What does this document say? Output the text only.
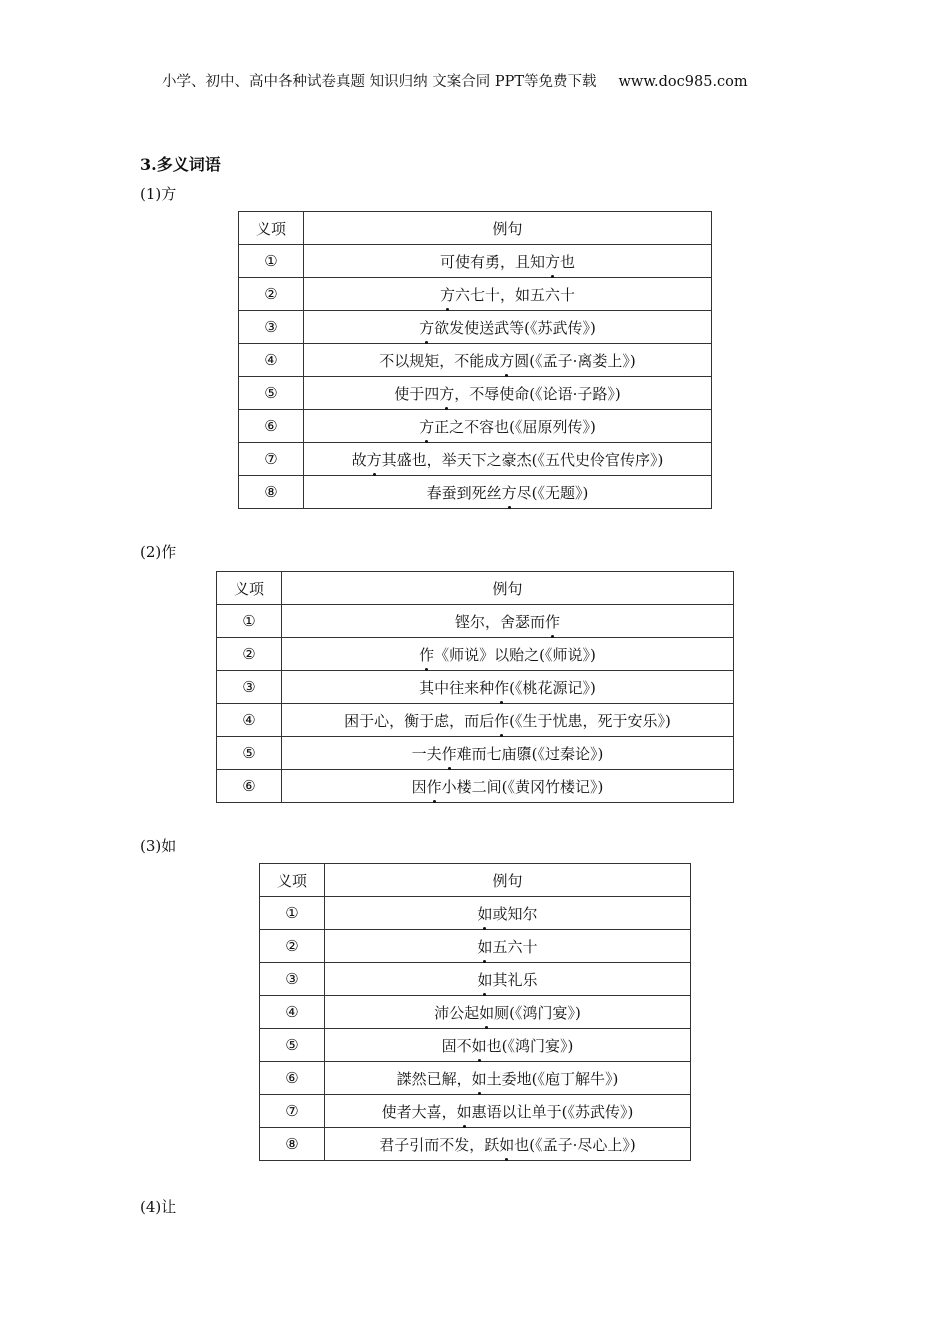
小学、初中、高中各种试卷真题 知识归纳 文案合同 PPT等免费下载 www.doc985.com
3.多义词语
(1)方
义项	例句
①	可使有勇，且知方也
②	方六七十，如五六十
③	方欲发使送武等(《苏武传》)
④	不以规矩，不能成方圆(《孟子·离娄上》)
⑤	使于四方，不辱使命(《论语·子路》)
⑥	方正之不容也(《屈原列传》)
⑦	故方其盛也，举天下之豪杰(《五代史伶官传序》)
⑧	春蚕到死丝方尽(《无题》)
(2)作
义项	例句
①	铿尔，舍瑟而作
②	作《师说》以贻之(《师说》)
③	其中往来种作(《桃花源记》)
④	困于心，衡于虑，而后作(《生于忧患，死于安乐》)
⑤	一夫作难而七庙隳(《过秦论》)
⑥	因作小楼二间(《黄冈竹楼记》)
(3)如
义项	例句
①	如或知尔
②	如五六十
③	如其礼乐
④	沛公起如厕(《鸿门宴》)
⑤	固不如也(《鸿门宴》)
⑥	謋然已解，如土委地(《庖丁解牛》)
⑦	使者大喜，如惠语以让单于(《苏武传》)
⑧	君子引而不发，跃如也(《孟子·尽心上》)
(4)让
